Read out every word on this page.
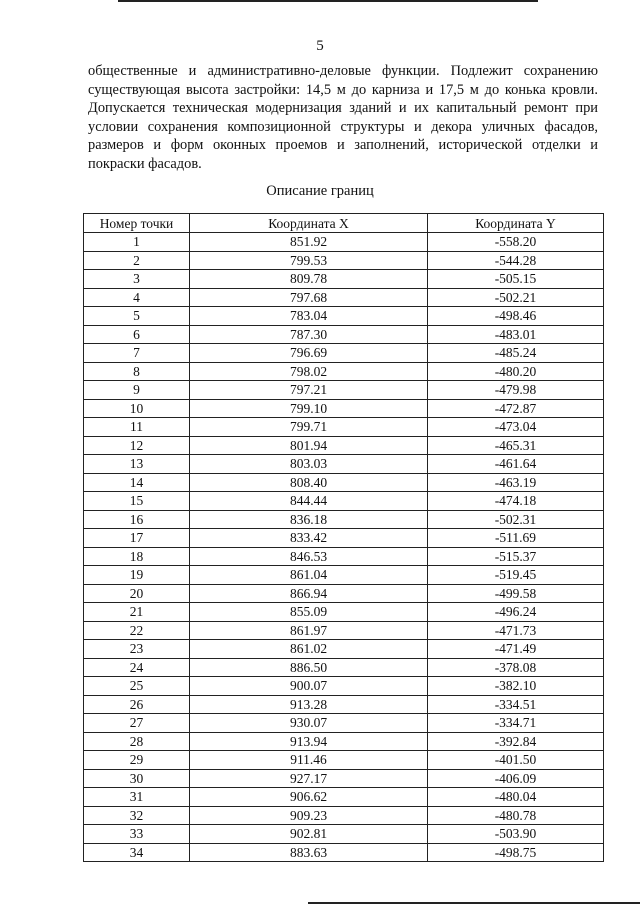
5

общественные и административно-деловые функции. Подлежит сохранению существующая высота застройки: 14,5 м до карниза и 17,5 м до конька кровли. Допускается техническая модернизация зданий и их капитальный ремонт при условии сохранения композиционной структуры и декора уличных фасадов, размеров и форм оконных проемов и заполнений, исторической отделки и покраски фасадов.

Описание границ
Номер точки	Координата X	Координата Y
1	851.92	-558.20
2	799.53	-544.28
3	809.78	-505.15
4	797.68	-502.21
5	783.04	-498.46
6	787.30	-483.01
7	796.69	-485.24
8	798.02	-480.20
9	797.21	-479.98
10	799.10	-472.87
11	799.71	-473.04
12	801.94	-465.31
13	803.03	-461.64
14	808.40	-463.19
15	844.44	-474.18
16	836.18	-502.31
17	833.42	-511.69
18	846.53	-515.37
19	861.04	-519.45
20	866.94	-499.58
21	855.09	-496.24
22	861.97	-471.73
23	861.02	-471.49
24	886.50	-378.08
25	900.07	-382.10
26	913.28	-334.51
27	930.07	-334.71
28	913.94	-392.84
29	911.46	-401.50
30	927.17	-406.09
31	906.62	-480.04
32	909.23	-480.78
33	902.81	-503.90
34	883.63	-498.75
